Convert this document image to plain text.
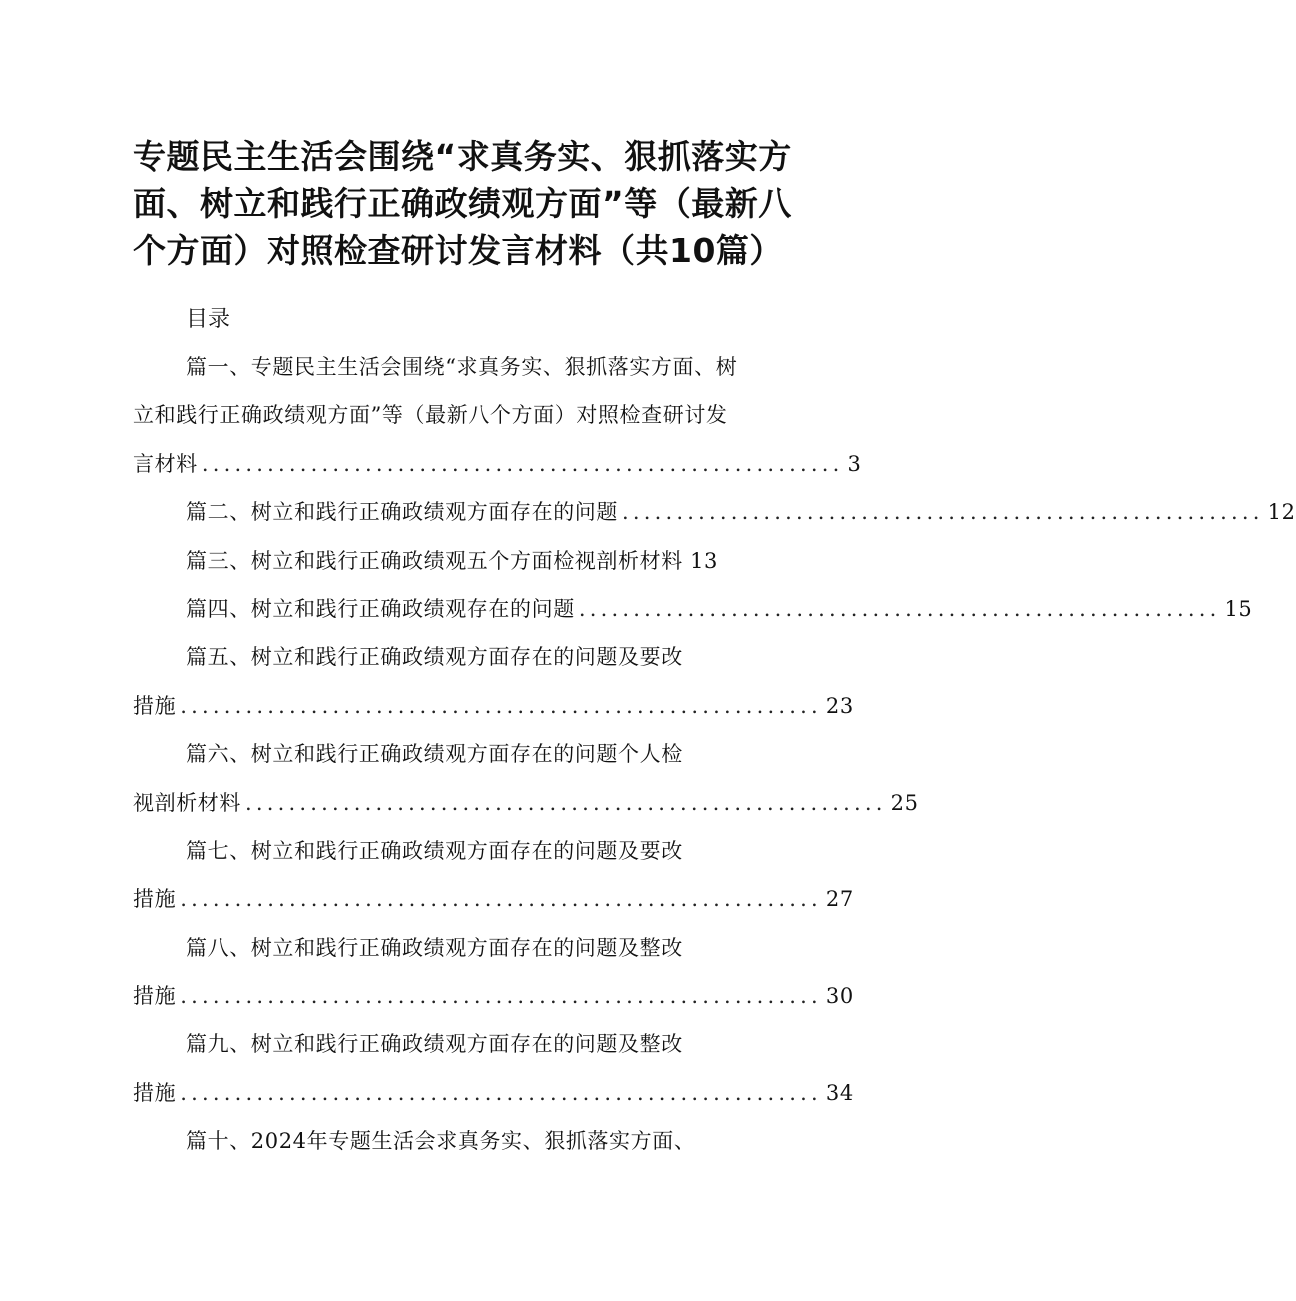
专题民主生活会围绕“求真务实、狠抓落实方面、树立和践行正确政绩观方面”等（最新八个方面）对照检查研讨发言材料（共10篇）

目录

篇一、专题民主生活会围绕“求真务实、狠抓落实方面、树
立和践行正确政绩观方面”等（最新八个方面）对照检查研讨发
言材料 ........................................................... 3
篇二、树立和践行正确政绩观方面存在的问题 ........................................................... 12
篇三、树立和践行正确政绩观五个方面检视剖析材料 13
篇四、树立和践行正确政绩观存在的问题 ........................................................... 15
篇五、树立和践行正确政绩观方面存在的问题及要改
措施 ........................................................... 23
篇六、树立和践行正确政绩观方面存在的问题个人检
视剖析材料 ........................................................... 25
篇七、树立和践行正确政绩观方面存在的问题及要改
措施 ........................................................... 27
篇八、树立和践行正确政绩观方面存在的问题及整改
措施 ........................................................... 30
篇九、树立和践行正确政绩观方面存在的问题及整改
措施 ........................................................... 34
篇十、2024年专题生活会求真务实、狠抓落实方面、
